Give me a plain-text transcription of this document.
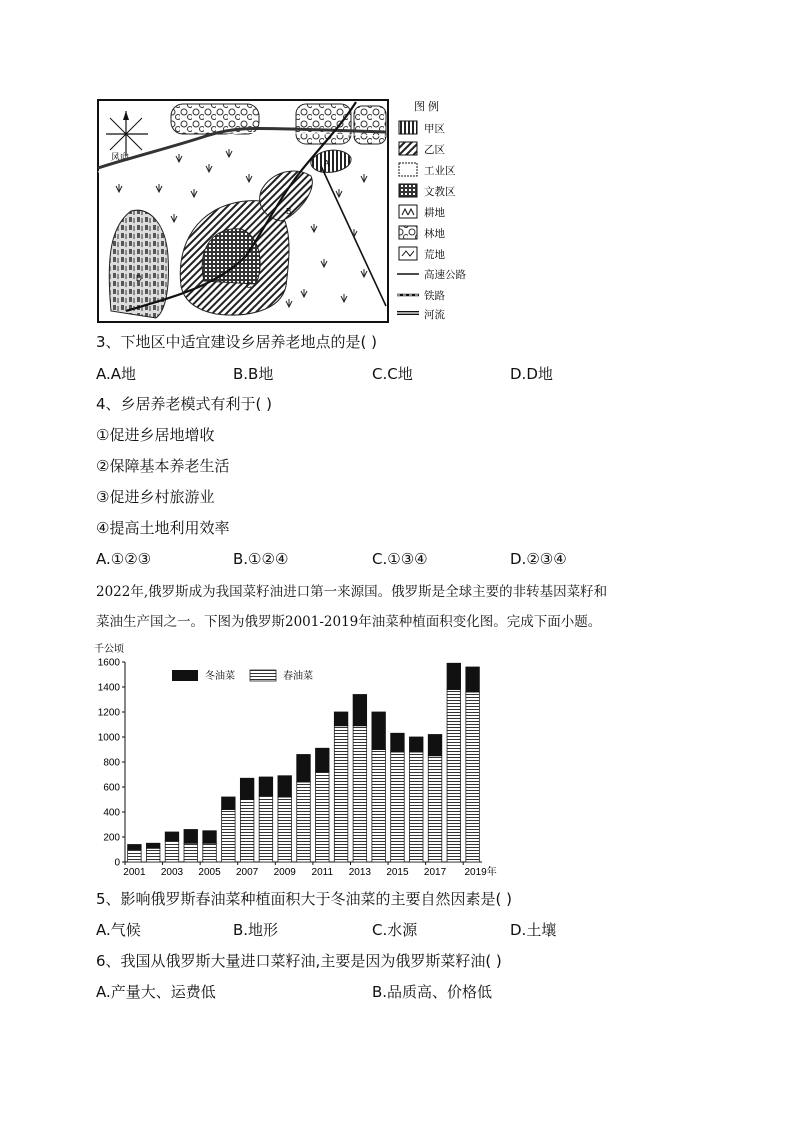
风向
A
B
C
D
图 例
甲区
乙区
工业区
文教区
耕地
林地
荒地
高速公路
铁路
河流
3、下地区中适宜建设乡居养老地点的是( )
A.A地	B.B地	C.C地	D.D地
4、乡居养老模式有利于( )
①促进乡居地增收
②保障基本养老生活
③促进乡村旅游业
④提高土地利用效率
A.①②③	B.①②④	C.①③④	D.②③④
2022年,俄罗斯成为我国菜籽油进口第一来源国。俄罗斯是全球主要的非转基因菜籽和
菜油生产国之一。下图为俄罗斯2001-2019年油菜种植面积变化图。完成下面小题。
千公顷
0
200
400
600
800
1000
1200
1400
1600
2001 2003 2005 2007 2009 2011 2013 2015 2017 2019年
冬油菜	春油菜
5、影响俄罗斯春油菜种植面积大于冬油菜的主要自然因素是( )
A.气候	B.地形	C.水源	D.土壤
6、我国从俄罗斯大量进口菜籽油,主要是因为俄罗斯菜籽油( )
A.产量大、运费低	B.品质高、价格低
